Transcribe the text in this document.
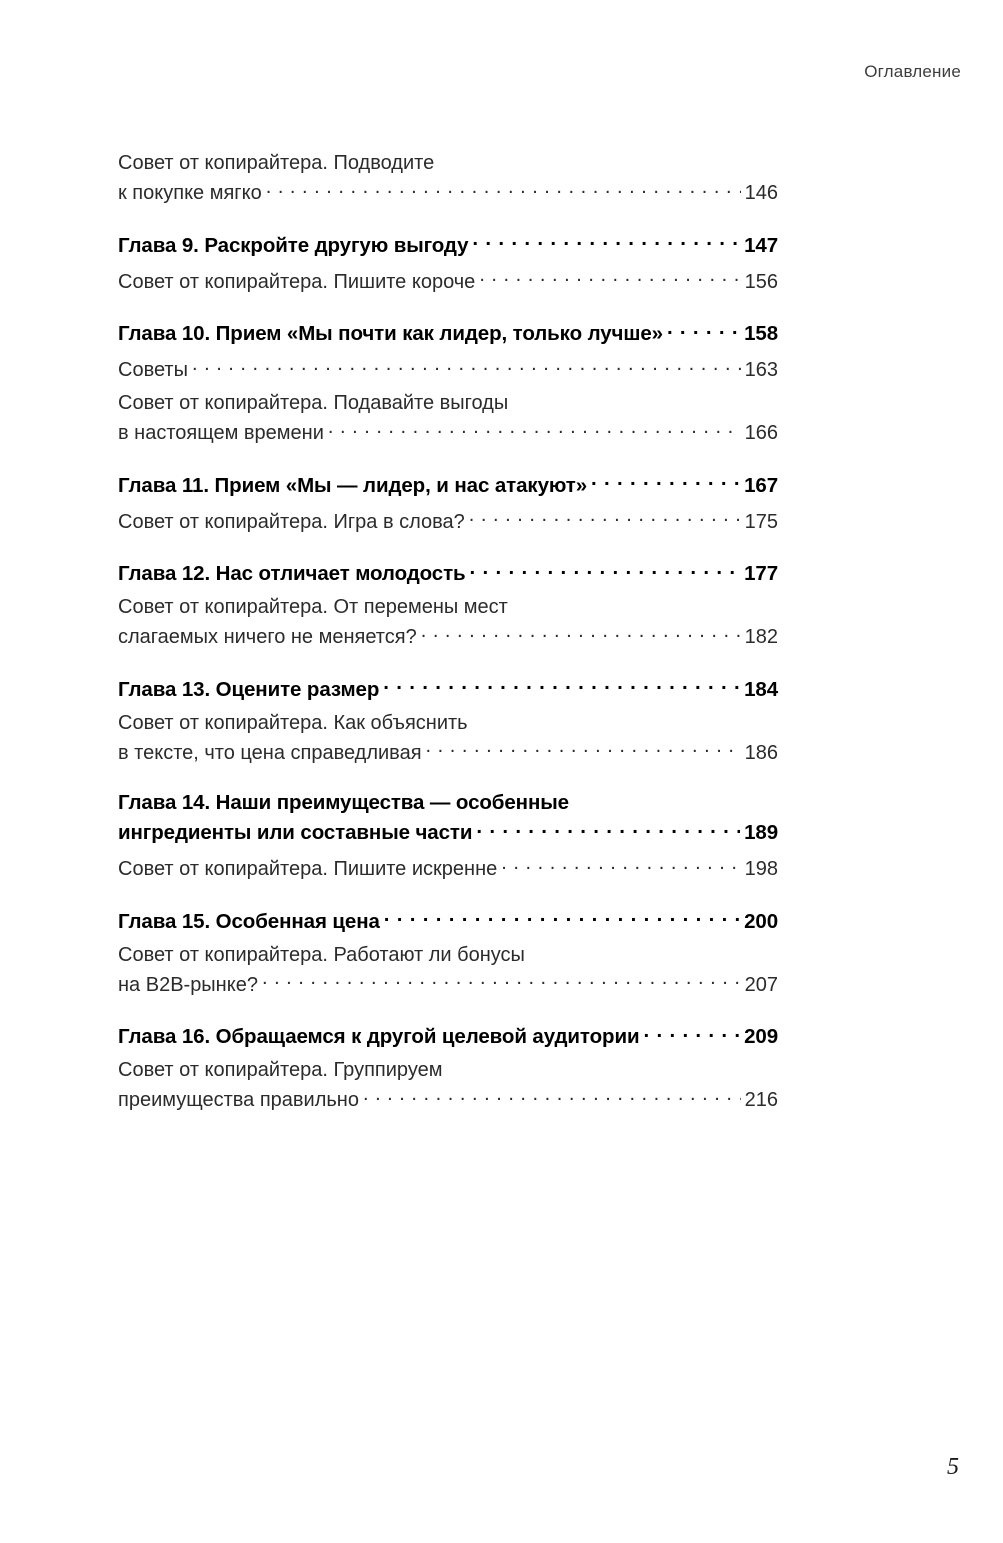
Оглавление
Совет от копирайтера. Подводите
к покупке мягко . . .	146
Глава 9. Раскройте другую выгоду . . .	147
Совет от копирайтера. Пишите короче . . .	156
Глава 10. Прием «Мы почти как лидер, только лучше» . . .	158
Советы . . .	163
Совет от копирайтера. Подавайте выгоды
в настоящем времени . . .	166
Глава 11. Прием «Мы — лидер, и нас атакуют» . . .	167
Совет от копирайтера. Игра в слова? . . .	175
Глава 12. Нас отличает молодость . . .	177
Совет от копирайтера. От перемены мест
слагаемых ничего не меняется? . . .	182
Глава 13. Оцените размер . . .	184
Совет от копирайтера. Как объяснить
в тексте, что цена справедливая . . .	186
Глава 14. Наши преимущества — особенные
ингредиенты или составные части . . .	189
Совет от копирайтера. Пишите искренне . . .	198
Глава 15. Особенная цена . . .	200
Совет от копирайтера. Работают ли бонусы
на B2B-рынке? . . .	207
Глава 16. Обращаемся к другой целевой аудитории . . .	209
Совет от копирайтера. Группируем
преимущества правильно . . .	216
5
